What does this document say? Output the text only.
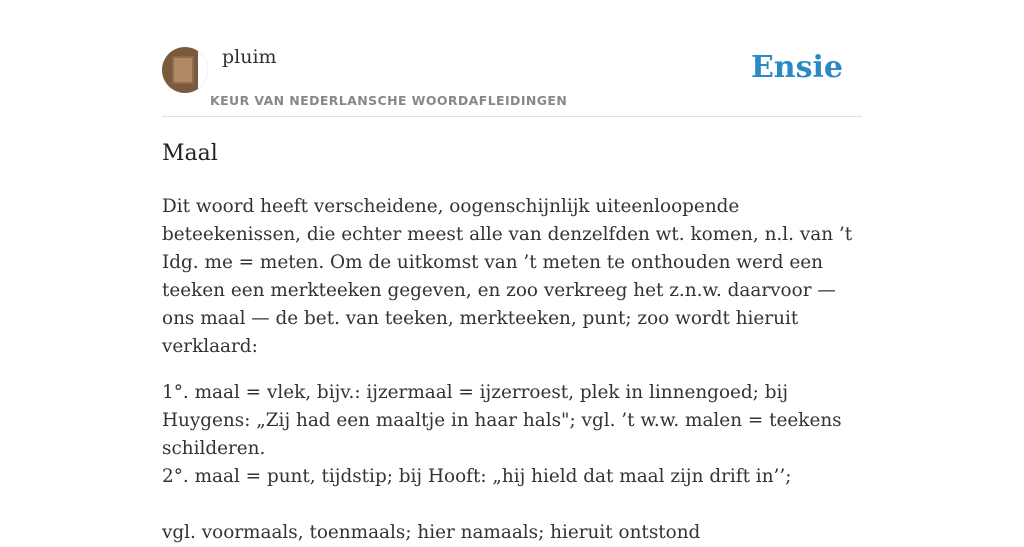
pluim
KEUR VAN NEDERLANSCHE WOORDAFLEIDINGEN
Ensie
Maal

Dit woord heeft verscheidene, oogenschijnlijk uiteenloopende beteekenissen, die echter meest alle van denzelfden wt. komen, n.l. van ’t Idg. me = meten. Om de uitkomst van ’t meten te onthouden werd een teeken een merkteeken gegeven, en zoo verkreeg het z.n.w. daarvoor — ons maal — de bet. van teeken, merkteeken, punt; zoo wordt hieruit verklaard:

1°. maal = vlek, bijv.: ijzermaal = ijzerroest, plek in linnengoed; bij Huygens: „Zij had een maaltje in haar hals"; vgl. ’t w.w. malen = teekens schilderen.

2°. maal = punt, tijdstip; bij Hooft: „hij hield dat maal zijn drift in’’;

vgl. voormaals, toenmaals; hier namaals; hieruit ontstond
